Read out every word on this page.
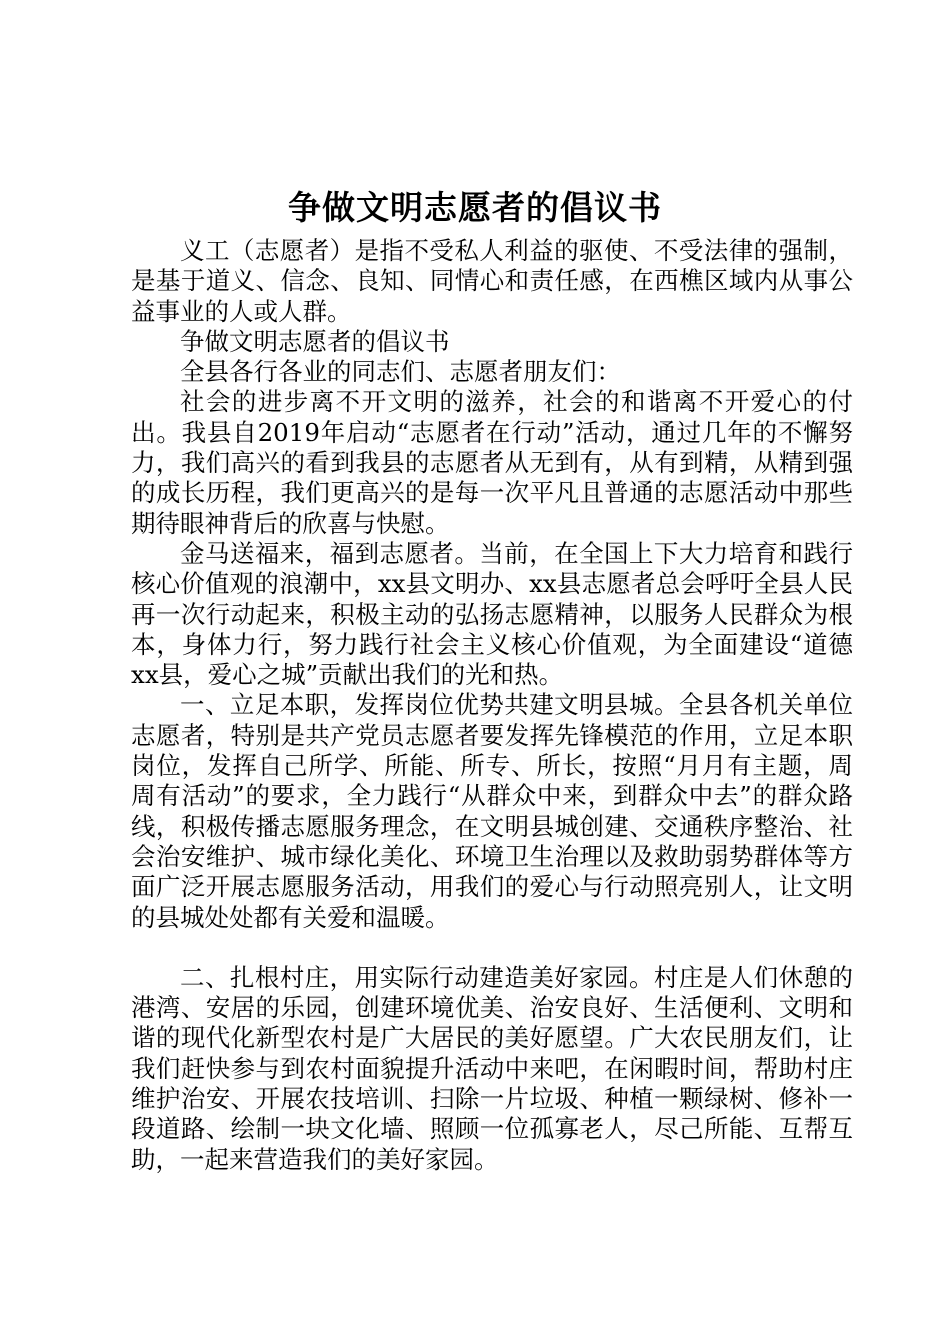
争做文明志愿者的倡议书

义工（志愿者）是指不受私人利益的驱使、不受法律的强制，是基于道义、信念、良知、同情心和责任感，在西樵区域内从事公益事业的人或人群。

争做文明志愿者的倡议书

全县各行各业的同志们、志愿者朋友们：

社会的进步离不开文明的滋养，社会的和谐离不开爱心的付出。我县自2019年启动“志愿者在行动”活动，通过几年的不懈努力，我们高兴的看到我县的志愿者从无到有，从有到精，从精到强的成长历程，我们更高兴的是每一次平凡且普通的志愿活动中那些期待眼神背后的欣喜与快慰。

金马送福来，福到志愿者。当前，在全国上下大力培育和践行核心价值观的浪潮中，xx县文明办、xx县志愿者总会呼吁全县人民再一次行动起来，积极主动的弘扬志愿精神，以服务人民群众为根本，身体力行，努力践行社会主义核心价值观，为全面建设“道德xx县，爱心之城”贡献出我们的光和热。

一、立足本职，发挥岗位优势共建文明县城。全县各机关单位志愿者，特别是共产党员志愿者要发挥先锋模范的作用，立足本职岗位，发挥自己所学、所能、所专、所长，按照“月月有主题，周周有活动”的要求，全力践行“从群众中来，到群众中去”的群众路线，积极传播志愿服务理念，在文明县城创建、交通秩序整治、社会治安维护、城市绿化美化、环境卫生治理以及救助弱势群体等方面广泛开展志愿服务活动，用我们的爱心与行动照亮别人，让文明的县城处处都有关爱和温暖。

二、扎根村庄，用实际行动建造美好家园。村庄是人们休憩的港湾、安居的乐园，创建环境优美、治安良好、生活便利、文明和谐的现代化新型农村是广大居民的美好愿望。广大农民朋友们，让我们赶快参与到农村面貌提升活动中来吧，在闲暇时间，帮助村庄维护治安、开展农技培训、扫除一片垃圾、种植一颗绿树、修补一段道路、绘制一块文化墙、照顾一位孤寡老人，尽己所能、互帮互助，一起来营造我们的美好家园。
